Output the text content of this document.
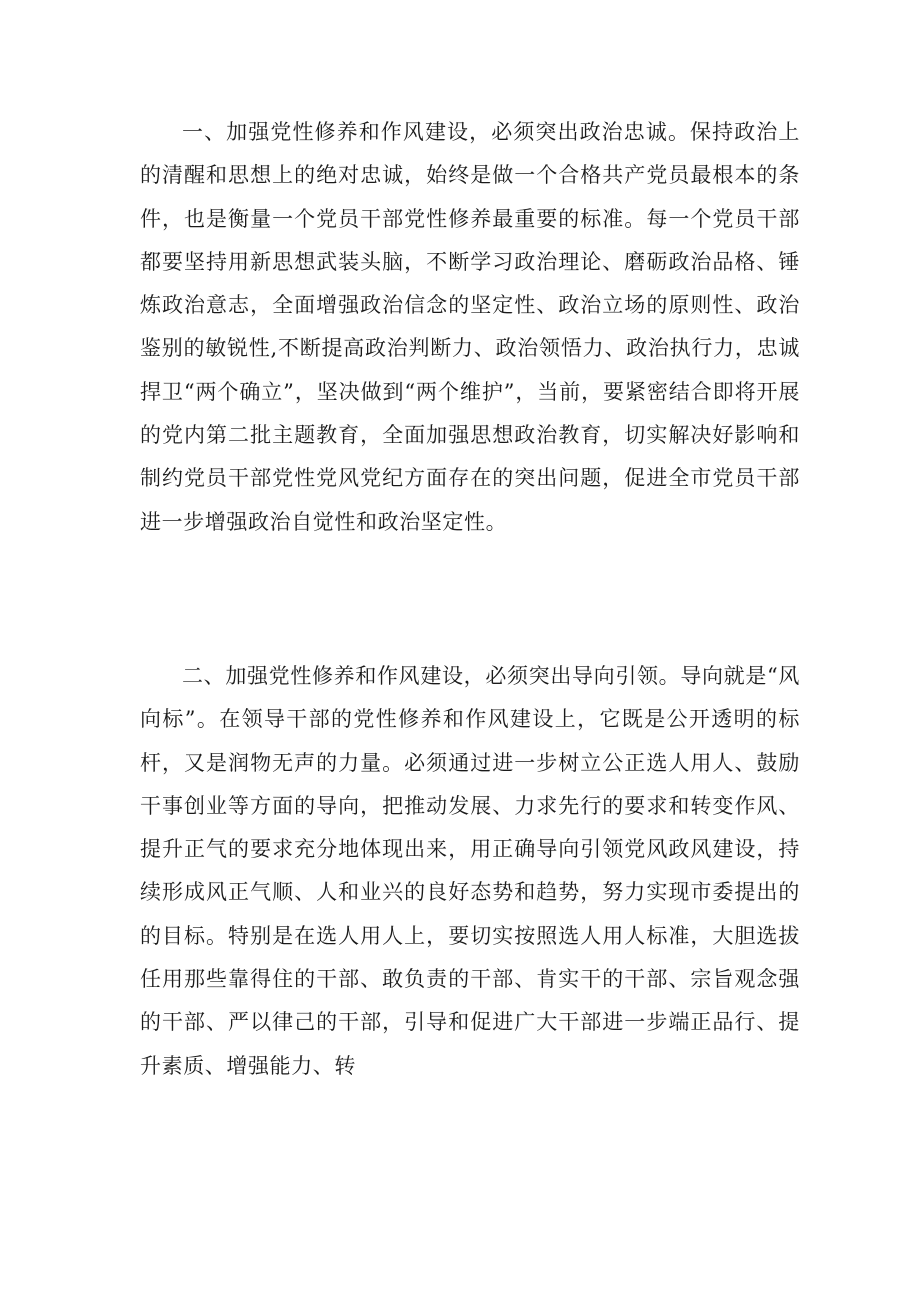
一、加强党性修养和作风建设，必须突出政治忠诚。保持政治上的清醒和思想上的绝对忠诚，始终是做一个合格共产党员最根本的条件，也是衡量一个党员干部党性修养最重要的标准。每一个党员干部都要坚持用新思想武装头脑，不断学习政治理论、磨砺政治品格、锤炼政治意志，全面增强政治信念的坚定性、政治立场的原则性、政治鉴别的敏锐性,不断提高政治判断力、政治领悟力、政治执行力，忠诚捍卫“两个确立”，坚决做到“两个维护”，当前，要紧密结合即将开展的党内第二批主题教育，全面加强思想政治教育，切实解决好影响和制约党员干部党性党风党纪方面存在的突出问题，促进全市党员干部进一步增强政治自觉性和政治坚定性。

二、加强党性修养和作风建设，必须突出导向引领。导向就是“风向标”。在领导干部的党性修养和作风建设上，它既是公开透明的标杆，又是润物无声的力量。必须通过进一步树立公正选人用人、鼓励干事创业等方面的导向，把推动发展、力求先行的要求和转变作风、提升正气的要求充分地体现出来，用正确导向引领党风政风建设，持续形成风正气顺、人和业兴的良好态势和趋势，努力实现市委提出的的目标。特别是在选人用人上，要切实按照选人用人标准，大胆选拔任用那些靠得住的干部、敢负责的干部、肯实干的干部、宗旨观念强的干部、严以律己的干部，引导和促进广大干部进一步端正品行、提升素质、增强能力、转
